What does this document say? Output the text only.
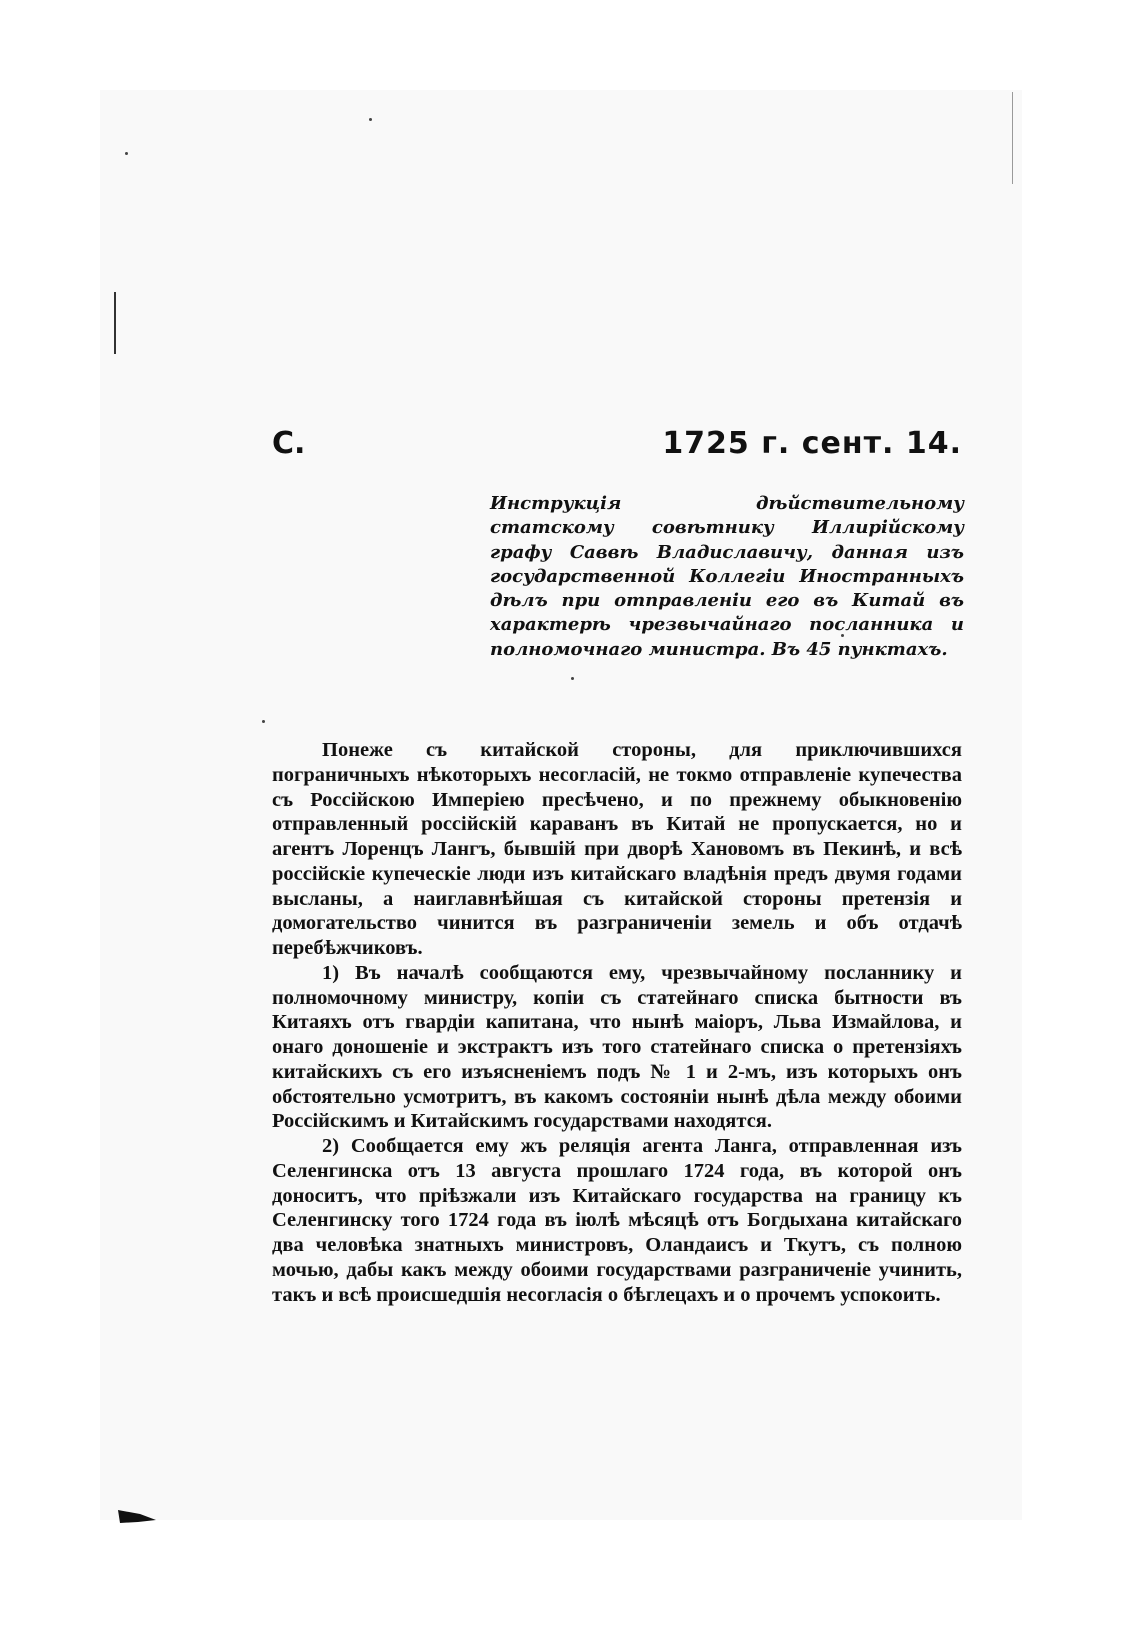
С.	1725 г. сент. 14.

Инструкція дѣйствительному статскому совѣтнику Иллирійскому графу Саввѣ Владиславичу, данная изъ государственной Коллегіи Иностранныхъ дѣлъ при отправленіи его въ Китай въ характерѣ чрезвычайнаго посланника и полномочнаго министра. Въ 45 пунктахъ.

Понеже съ китайской стороны, для приключившихся пограничныхъ нѣкоторыхъ несогласій, не токмо отправленіе купечества съ Россійскою Имперіею пресѣчено, и по прежнему обыкновенію отправленный россійскій караванъ въ Китай не пропускается, но и агентъ Лоренцъ Лангъ, бывшій при дворѣ Хановомъ въ Пекинѣ, и всѣ россійскіе купеческіе люди изъ китайскаго владѣнія предъ двумя годами высланы, а наиглавнѣйшая съ китайской стороны претензія и домогательство чинится въ разграниченіи земель и объ отдачѣ перебѣжчиковъ.

1) Въ началѣ сообщаются ему, чрезвычайному посланнику и полномочному министру, копіи съ статейнаго списка бытности въ Китаяхъ отъ гвардіи капитана, что нынѣ маіоръ, Льва Измайлова, и онаго доношеніе и экстрактъ изъ того статейнаго списка о претензіяхъ китайскихъ съ его изъясненіемъ подъ № 1 и 2-мъ, изъ которыхъ онъ обстоятельно усмотритъ, въ какомъ состояніи нынѣ дѣла между обоими Россійскимъ и Китайскимъ государствами находятся.

2) Сообщается ему жъ реляція агента Ланга, отправленная изъ Селенгинска отъ 13 августа прошлаго 1724 года, въ которой онъ доноситъ, что пріѣзжали изъ Китайскаго государства на границу къ Селенгинску того 1724 года въ іюлѣ мѣсяцѣ отъ Богдыхана китайскаго два человѣка знатныхъ министровъ, Оландаисъ и Ткутъ, съ полною мочью, дабы какъ между обоими государствами разграниченіе учинить, такъ и всѣ происшедшія несогласія о бѣглецахъ и о прочемъ успокоить.
